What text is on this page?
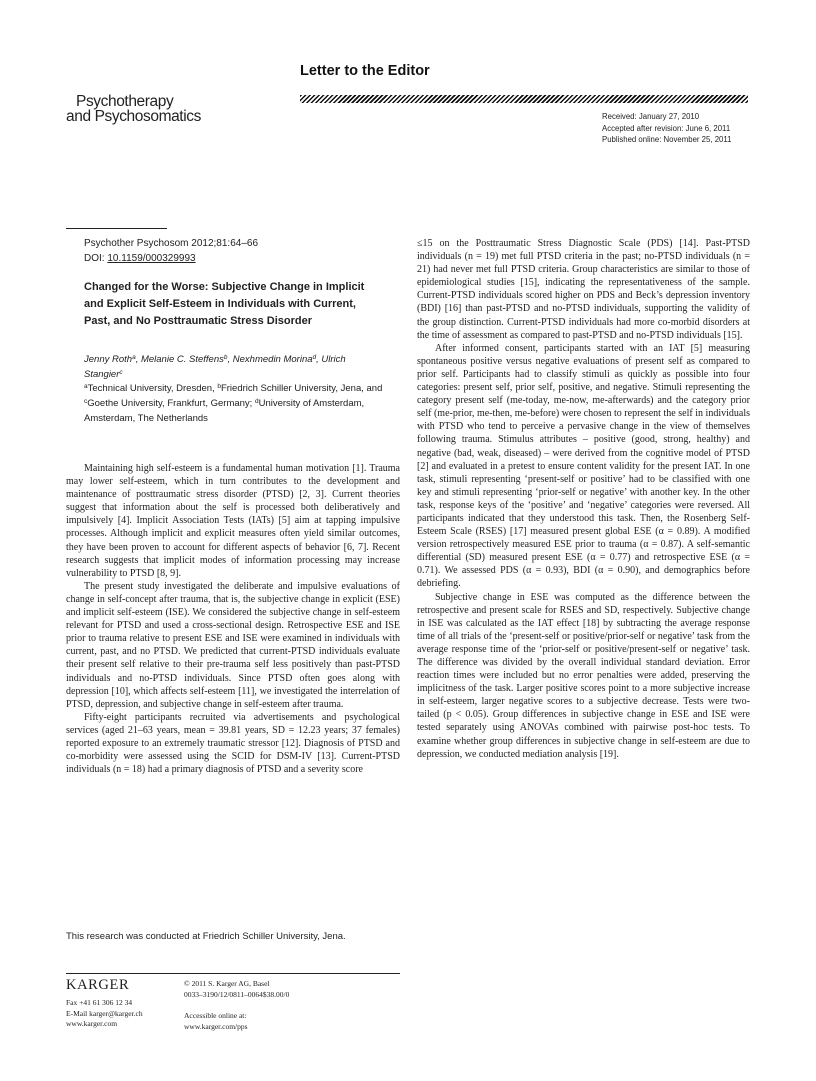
Psychotherapy
and Psychosomatics
Letter to the Editor
Received: January 27, 2010
Accepted after revision: June 6, 2011
Published online: November 25, 2011
Psychother Psychosom 2012;81:64–66
DOI: 10.1159/000329993
Changed for the Worse: Subjective Change in Implicit and Explicit Self-Esteem in Individuals with Current, Past, and No Posttraumatic Stress Disorder
Jenny Roth$^a$, Melanie C. Steffens$^b$, Nexhmedin Morina$^d$, Ulrich Stangier$^c$
$^a$Technical University, Dresden, $^b$Friedrich Schiller University, Jena, and $^c$Goethe University, Frankfurt, Germany; $^d$University of Amsterdam, Amsterdam, The Netherlands

Maintaining high self-esteem is a fundamental human motivation [1]. Trauma may lower self-esteem, which in turn contributes to the development and maintenance of posttraumatic stress disorder (PTSD) [2, 3]. Current theories suggest that information about the self is processed both deliberatively and impulsively [4]. Implicit Association Tests (IATs) [5] aim at tapping impulsive processes. Although implicit and explicit measures often yield similar outcomes, they have been proven to account for different aspects of behavior [6, 7]. Recent research suggests that implicit modes of information processing may increase vulnerability to PTSD [8, 9].

The present study investigated the deliberate and impulsive evaluations of change in self-concept after trauma, that is, the subjective change in explicit (ESE) and implicit self-esteem (ISE). We considered the subjective change in self-esteem relevant for PTSD and used a cross-sectional design. Retrospective ESE and ISE prior to trauma relative to present ESE and ISE were examined in individuals with current, past, and no PTSD. We predicted that current-PTSD individuals evaluate their present self relative to their pre-trauma self less positively than past-PTSD individuals and no-PTSD individuals. Since PTSD often goes along with depression [10], which affects self-esteem [11], we investigated the interrelation of PTSD, depression, and subjective change in self-esteem after trauma.

Fifty-eight participants recruited via advertisements and psychological services (aged 21–63 years, mean = 39.81 years, SD = 12.23 years; 37 females) reported exposure to an extremely traumatic stressor [12]. Diagnosis of PTSD and co-morbidity were assessed using the SCID for DSM-IV [13]. Current-PTSD individuals (n = 18) had a primary diagnosis of PTSD and a severity score

≤15 on the Posttraumatic Stress Diagnostic Scale (PDS) [14]. Past-PTSD individuals (n = 19) met full PTSD criteria in the past; no-PTSD individuals (n = 21) had never met full PTSD criteria. Group characteristics are similar to those of epidemiological studies [15], indicating the representativeness of the sample. Current-PTSD individuals scored higher on PDS and Beck’s depression inventory (BDI) [16] than past-PTSD and no-PTSD individuals, supporting the validity of the group distinction. Current-PTSD individuals had more co-morbid disorders at the time of assessment as compared to past-PTSD and no-PTSD individuals [15].

After informed consent, participants started with an IAT [5] measuring spontaneous positive versus negative evaluations of present self as compared to prior self. Participants had to classify stimuli as quickly as possible into four categories: present self, prior self, positive, and negative. Stimuli representing the category present self (me-today, me-now, me-afterwards) and the category prior self (me-prior, me-then, me-before) were chosen to represent the self in individuals with PTSD who tend to perceive a pervasive change in the view of themselves following trauma. Stimulus attributes – positive (good, strong, healthy) and negative (bad, weak, diseased) – were derived from the cognitive model of PTSD [2] and evaluated in a pretest to ensure content validity for the present IAT. In one task, stimuli representing ‘present-self or positive’ had to be classified with one key and stimuli representing ‘prior-self or negative’ with another key. In the other task, response keys of the ‘positive’ and ‘negative’ categories were reversed. All participants indicated that they understood this task. Then, the Rosenberg Self-Esteem Scale (RSES) [17] measured present global ESE (α = 0.89). A modified version retrospectively measured ESE prior to trauma (α = 0.87). A self-semantic differential (SD) measured present ESE (α = 0.77) and retrospective ESE (α = 0.71). We assessed PDS (α = 0.93), BDI (α = 0.90), and demographics before debriefing.

Subjective change in ESE was computed as the difference between the retrospective and present scale for RSES and SD, respectively. Subjective change in ISE was calculated as the IAT effect [18] by subtracting the average response time of all trials of the ‘present-self or positive/prior-self or negative’ task from the average response time of the ‘prior-self or positive/present-self or negative’ task. The difference was divided by the overall individual standard deviation. Error reaction times were included but no error penalties were added, preserving the implicitness of the task. Larger positive scores point to a more subjective increase in self-esteem, larger negative scores to a subjective decrease. Tests were two-tailed (p < 0.05). Group differences in subjective change in ESE and ISE were tested separately using ANOVAs combined with pairwise post-hoc tests. To examine whether group differences in subjective change in self-esteem are due to depression, we conducted mediation analysis [19].

This research was conducted at Friedrich Schiller University, Jena.
KARGER
Fax +41 61 306 12 34
E-Mail karger@karger.ch
www.karger.com
© 2011 S. Karger AG, Basel
0033–3190/12/0811–0064$38.00/0
Accessible online at:
www.karger.com/pps
